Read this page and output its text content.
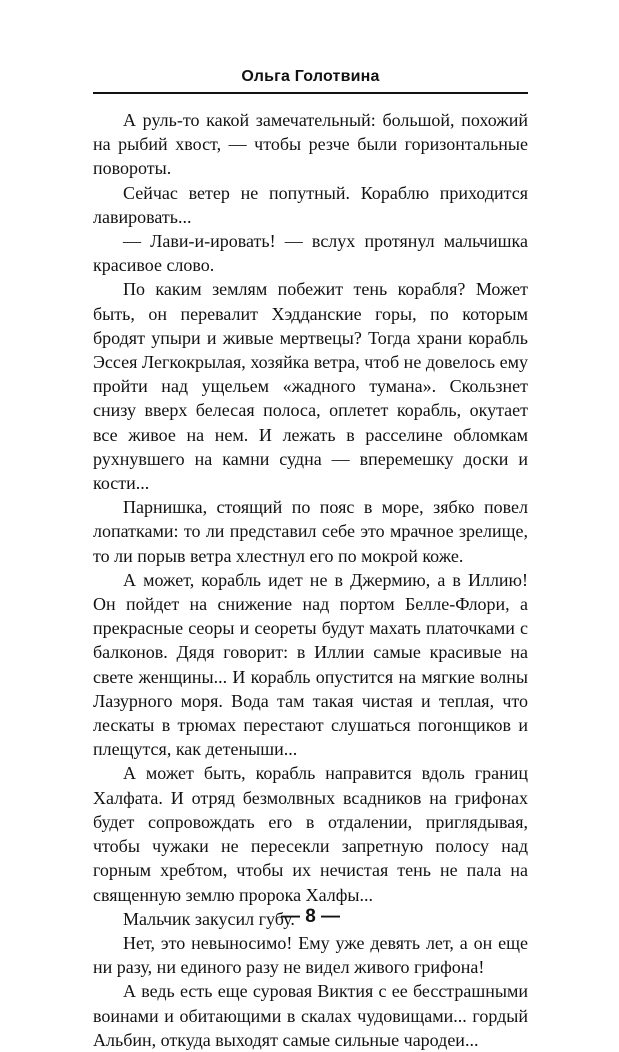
Ольга Голотвина

А руль-то какой замечательный: большой, похожий на рыбий хвост, — чтобы резче были горизонтальные повороты.

Сейчас ветер не попутный. Кораблю приходится лавировать...

— Лави-и-ировать! — вслух протянул мальчишка красивое слово.

По каким землям побежит тень корабля? Может быть, он перевалит Хэдданские горы, по которым бродят упыри и живые мертвецы? Тогда храни корабль Эссея Легкокрылая, хозяйка ветра, чтоб не довелось ему пройти над ущельем «жадного тумана». Скользнет снизу вверх белесая полоса, оплетет корабль, окутает все живое на нем. И лежать в расселине обломкам рухнувшего на камни судна — вперемешку доски и кости...

Парнишка, стоящий по пояс в море, зябко повел лопатками: то ли представил себе это мрачное зрелище, то ли порыв ветра хлестнул его по мокрой коже.

А может, корабль идет не в Джермию, а в Иллию! Он пойдет на снижение над портом Белле-Флори, а прекрасные сеоры и сеореты будут махать платочками с балконов. Дядя говорит: в Иллии самые красивые на свете женщины... И корабль опустится на мягкие волны Лазурного моря. Вода там такая чистая и теплая, что лескаты в трюмах перестают слушаться погонщиков и плещутся, как детеныши...

А может быть, корабль направится вдоль границ Халфата. И отряд безмолвных всадников на грифонах будет сопровождать его в отдалении, приглядывая, чтобы чужаки не пересекли запретную полосу над горным хребтом, чтобы их нечистая тень не пала на священную землю пророка Халфы...

Мальчик закусил губу.

Нет, это невыносимо! Ему уже девять лет, а он еще ни разу, ни единого разу не видел живого грифона!

А ведь есть еще суровая Виктия с ее бесстрашными воинами и обитающими в скалах чудовищами... гордый Альбин, откуда выходят самые сильные чародеи...

— 8 —
